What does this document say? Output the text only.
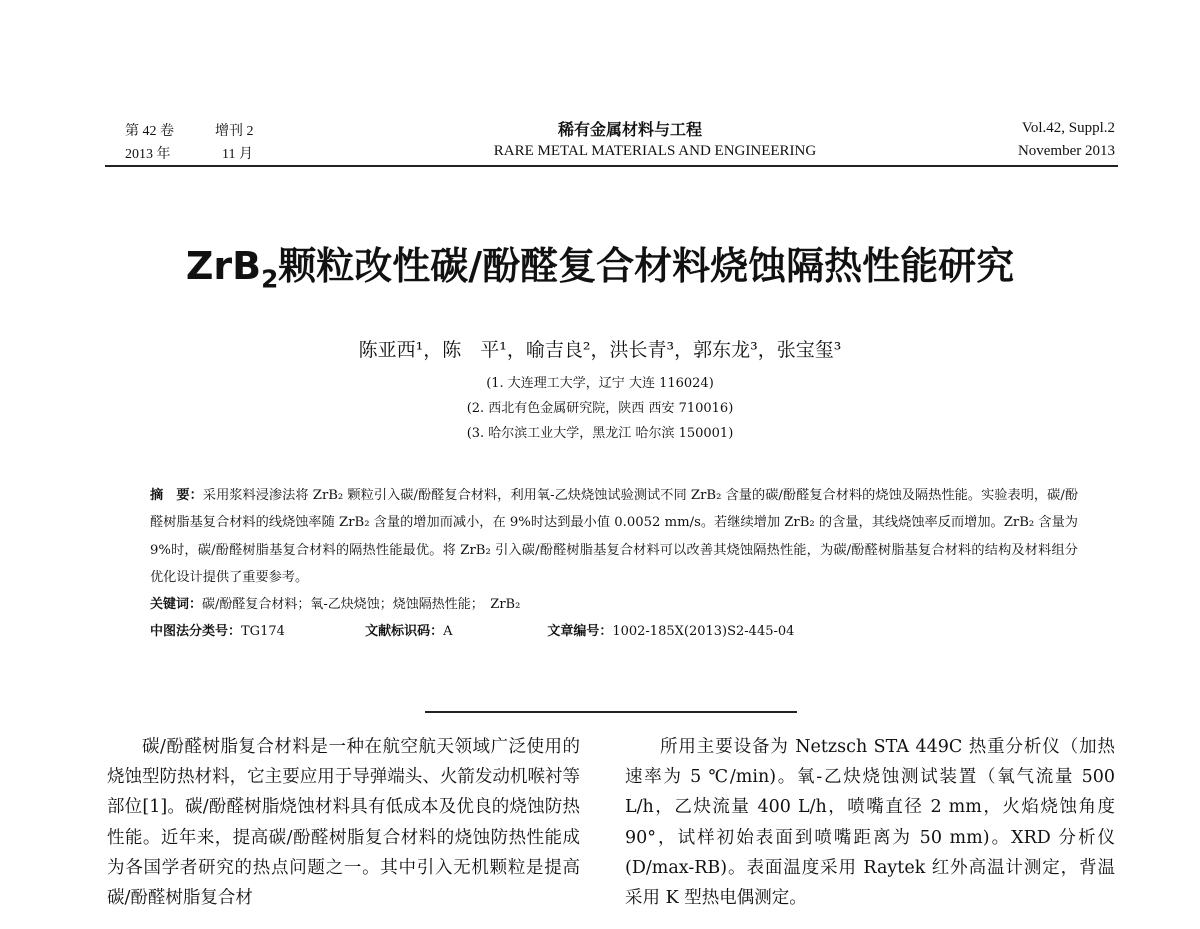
第 42 卷	增刊 2
2013 年	11 月
稀有金属材料与工程
RARE METAL MATERIALS AND ENGINEERING
Vol.42, Suppl.2
November 2013
ZrB$_2$颗粒改性碳/酚醛复合材料烧蚀隔热性能研究
陈亚西¹，陈　平¹，喻吉良²，洪长青³，郭东龙³，张宝玺³
(1. 大连理工大学，辽宁 大连 116024)
(2. 西北有色金属研究院，陕西 西安 710016)
(3. 哈尔滨工业大学，黑龙江 哈尔滨 150001)
摘　要：采用浆料浸渗法将 ZrB₂ 颗粒引入碳/酚醛复合材料，利用氧-乙炔烧蚀试验测试不同 ZrB₂ 含量的碳/酚醛复合材料的烧蚀及隔热性能。实验表明，碳/酚醛树脂基复合材料的线烧蚀率随 ZrB₂ 含量的增加而减小，在 9%时达到最小值 0.0052 mm/s。若继续增加 ZrB₂ 的含量，其线烧蚀率反而增加。ZrB₂ 含量为 9%时，碳/酚醛树脂基复合材料的隔热性能最优。将 ZrB₂ 引入碳/酚醛树脂基复合材料可以改善其烧蚀隔热性能，为碳/酚醛树脂基复合材料的结构及材料组分优化设计提供了重要参考。
关键词：碳/酚醛复合材料；氧-乙炔烧蚀；烧蚀隔热性能；　ZrB₂
中图法分类号：TG174	文献标识码：A	文章编号：1002-185X(2013)S2-445-04
碳/酚醛树脂复合材料是一种在航空航天领域广泛使用的烧蚀型防热材料，它主要应用于导弹端头、火箭发动机喉衬等部位[1]。碳/酚醛树脂烧蚀材料具有低成本及优良的烧蚀防热性能。近年来，提高碳/酚醛树脂复合材料的烧蚀防热性能成为各国学者研究的热点问题之一。其中引入无机颗粒是提高碳/酚醛树脂复合材
所用主要设备为 Netzsch STA 449C 热重分析仪（加热速率为 5 ℃/min)。氧-乙炔烧蚀测试装置（氧气流量 500 L/h，乙炔流量 400 L/h，喷嘴直径 2 mm，火焰烧蚀角度 90°，试样初始表面到喷嘴距离为 50 mm)。XRD 分析仪(D/max-RB)。表面温度采用 Raytek 红外高温计测定，背温采用 K 型热电偶测定。
